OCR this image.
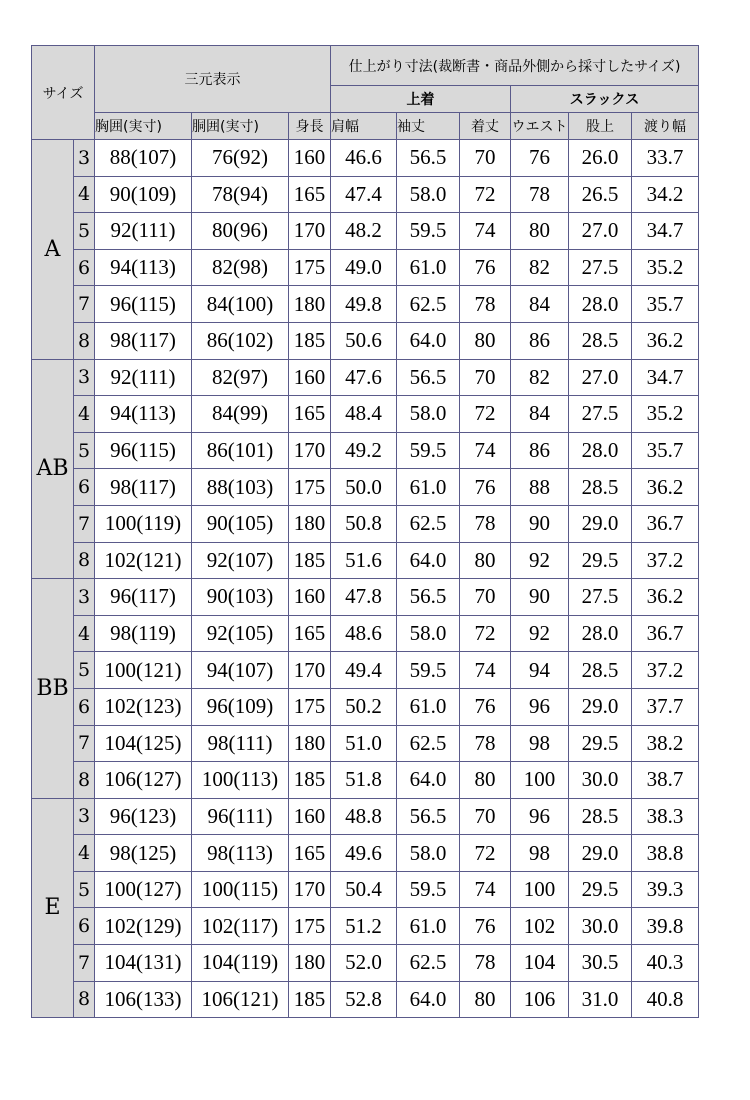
サイズ		三元表示			仕上がり寸法(裁断書・商品外側から採寸したサイズ)					
					上着			スラックス		
		胸囲(実寸)	胴囲(実寸)	身長	肩幅	袖丈	着丈	ウエスト	股上	渡り幅
A	3	88(107)	76(92)	160	46.6	56.5	70	76	26.0	33.7
	4	90(109)	78(94)	165	47.4	58.0	72	78	26.5	34.2
	5	92(111)	80(96)	170	48.2	59.5	74	80	27.0	34.7
	6	94(113)	82(98)	175	49.0	61.0	76	82	27.5	35.2
	7	96(115)	84(100)	180	49.8	62.5	78	84	28.0	35.7
	8	98(117)	86(102)	185	50.6	64.0	80	86	28.5	36.2
AB	3	92(111)	82(97)	160	47.6	56.5	70	82	27.0	34.7
	4	94(113)	84(99)	165	48.4	58.0	72	84	27.5	35.2
	5	96(115)	86(101)	170	49.2	59.5	74	86	28.0	35.7
	6	98(117)	88(103)	175	50.0	61.0	76	88	28.5	36.2
	7	100(119)	90(105)	180	50.8	62.5	78	90	29.0	36.7
	8	102(121)	92(107)	185	51.6	64.0	80	92	29.5	37.2
BB	3	96(117)	90(103)	160	47.8	56.5	70	90	27.5	36.2
	4	98(119)	92(105)	165	48.6	58.0	72	92	28.0	36.7
	5	100(121)	94(107)	170	49.4	59.5	74	94	28.5	37.2
	6	102(123)	96(109)	175	50.2	61.0	76	96	29.0	37.7
	7	104(125)	98(111)	180	51.0	62.5	78	98	29.5	38.2
	8	106(127)	100(113)	185	51.8	64.0	80	100	30.0	38.7
E	3	96(123)	96(111)	160	48.8	56.5	70	96	28.5	38.3
	4	98(125)	98(113)	165	49.6	58.0	72	98	29.0	38.8
	5	100(127)	100(115)	170	50.4	59.5	74	100	29.5	39.3
	6	102(129)	102(117)	175	51.2	61.0	76	102	30.0	39.8
	7	104(131)	104(119)	180	52.0	62.5	78	104	30.5	40.3
	8	106(133)	106(121)	185	52.8	64.0	80	106	31.0	40.8
